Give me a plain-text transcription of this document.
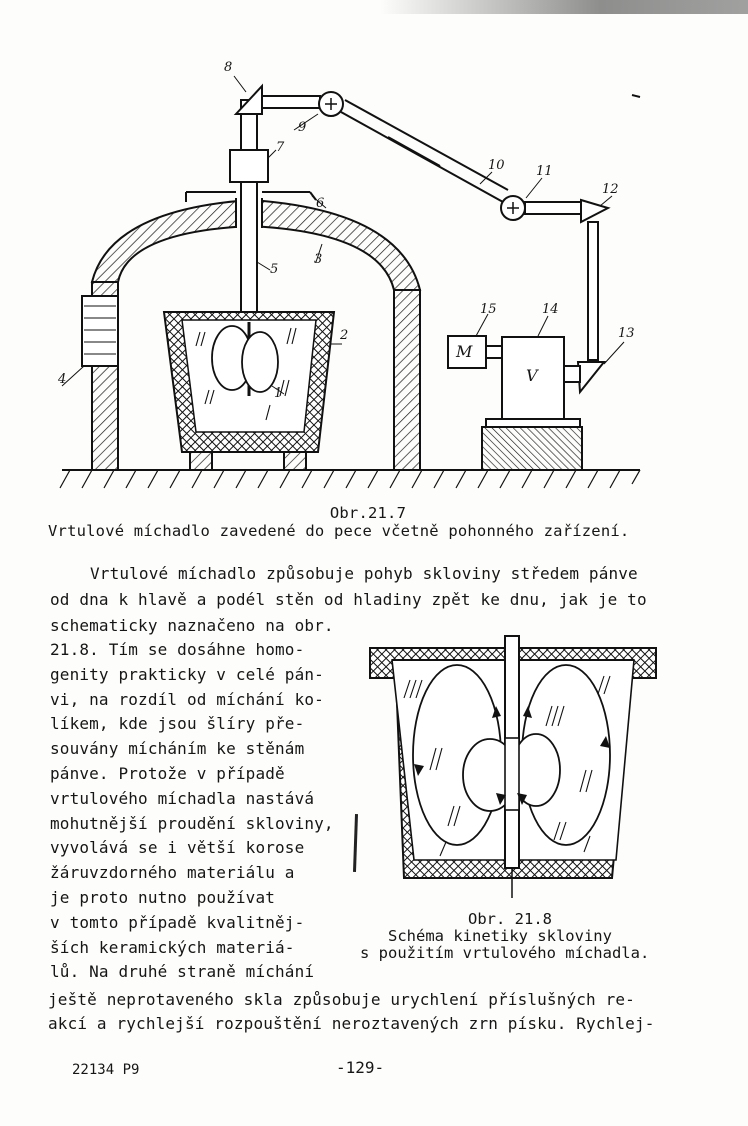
8
9
7
6
5
3
2
1
4
10 11
12
13
14
15
M
V
Obr.21.7
Vrtulové míchadlo zavedené do pece včetně pohonného zařízení.
Vrtulové míchadlo způsobuje pohyb skloviny středem pánve
od dna k hlavě a podél stěn od hladiny zpět ke dnu, jak je to
schematicky naznačeno na obr.
21.8. Tím se dosáhne homo-
genity prakticky v celé pán-
vi, na rozdíl od míchání ko-
líkem, kde jsou šlíry pře-
souvány mícháním ke stěnám
pánve. Protože v případě
vrtulového míchadla nastává
mohutnější proudění skloviny,
vyvolává se i větší korose
žáruvzdorného materiálu a
je proto nutno používat
v tomto případě kvalitněj-
ších keramických materiá-
lů. Na druhé straně míchání
Obr. 21.8
Schéma kinetiky skloviny
s použitím vrtulového míchadla.
ještě neprotaveného skla způsobuje urychlení příslušných re-
akcí a rychlejší rozpouštění neroztavených zrn písku. Rychlej-
22134 P9	-129-
